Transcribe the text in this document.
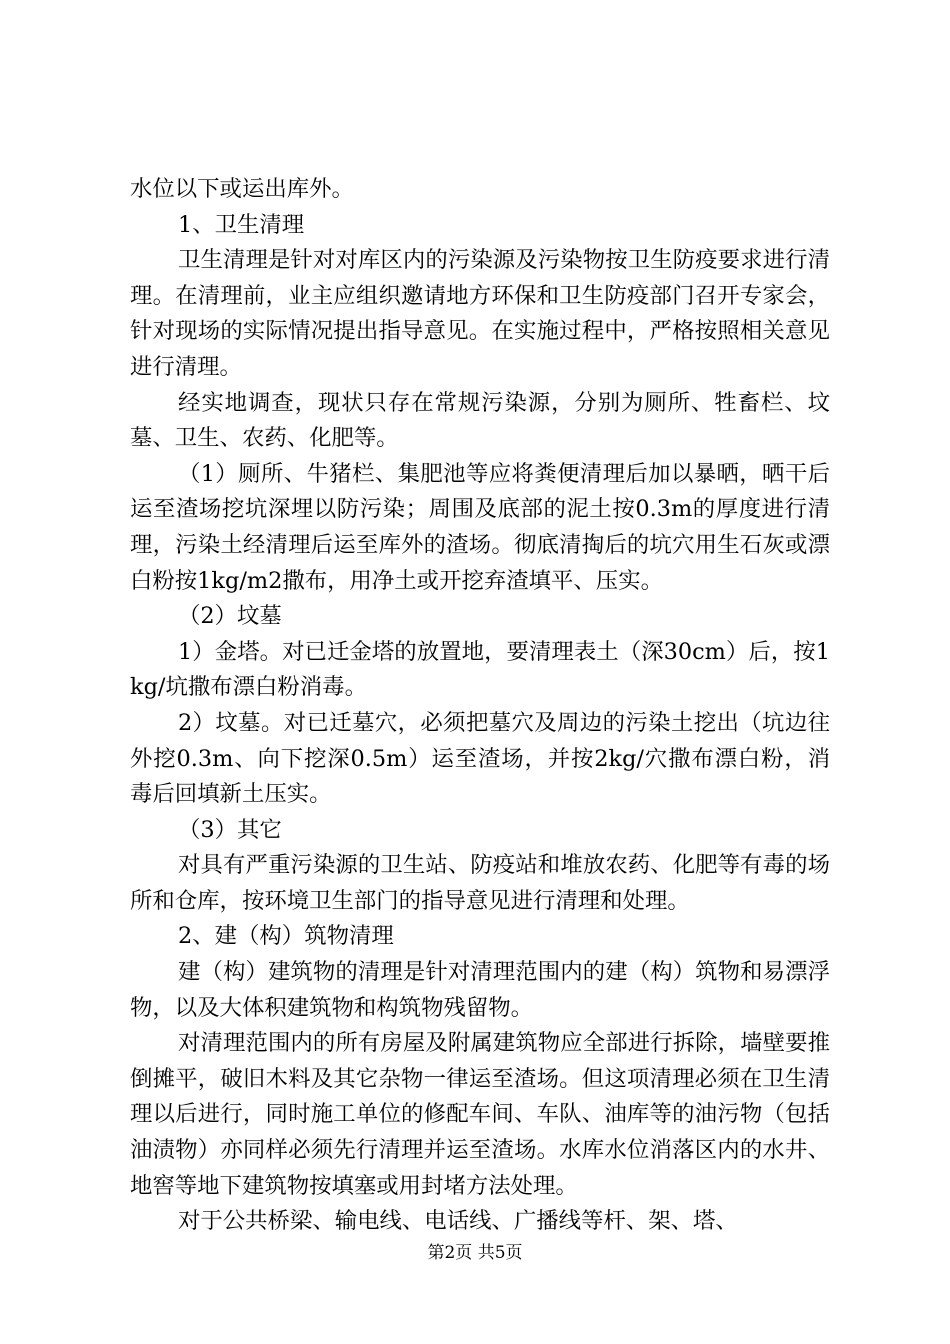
水位以下或运出库外。

1、卫生清理

卫生清理是针对对库区内的污染源及污染物按卫生防疫要求进行清理。在清理前，业主应组织邀请地方环保和卫生防疫部门召开专家会，针对现场的实际情况提出指导意见。在实施过程中，严格按照相关意见进行清理。

经实地调查，现状只存在常规污染源，分别为厕所、牲畜栏、坟墓、卫生、农药、化肥等。

（1）厕所、牛猪栏、集肥池等应将粪便清理后加以暴晒，晒干后运至渣场挖坑深埋以防污染；周围及底部的泥土按0.3m的厚度进行清理，污染土经清理后运至库外的渣场。彻底清掏后的坑穴用生石灰或漂白粉按1kg/m2撒布，用净土或开挖弃渣填平、压实。

（2）坟墓

1）金塔。对已迁金塔的放置地，要清理表土（深30cm）后，按1kg/坑撒布漂白粉消毒。

2）坟墓。对已迁墓穴，必须把墓穴及周边的污染土挖出（坑边往外挖0.3m、向下挖深0.5m）运至渣场，并按2kg/穴撒布漂白粉，消毒后回填新土压实。

（3）其它

对具有严重污染源的卫生站、防疫站和堆放农药、化肥等有毒的场所和仓库，按环境卫生部门的指导意见进行清理和处理。

2、建（构）筑物清理

建（构）建筑物的清理是针对清理范围内的建（构）筑物和易漂浮物，以及大体积建筑物和构筑物残留物。

对清理范围内的所有房屋及附属建筑物应全部进行拆除，墙壁要推倒摊平，破旧木料及其它杂物一律运至渣场。但这项清理必须在卫生清理以后进行，同时施工单位的修配车间、车队、油库等的油污物（包括油渍物）亦同样必须先行清理并运至渣场。水库水位消落区内的水井、地窖等地下建筑物按填塞或用封堵方法处理。

对于公共桥梁、输电线、电话线、广播线等杆、架、塔、

第2页 共5页
